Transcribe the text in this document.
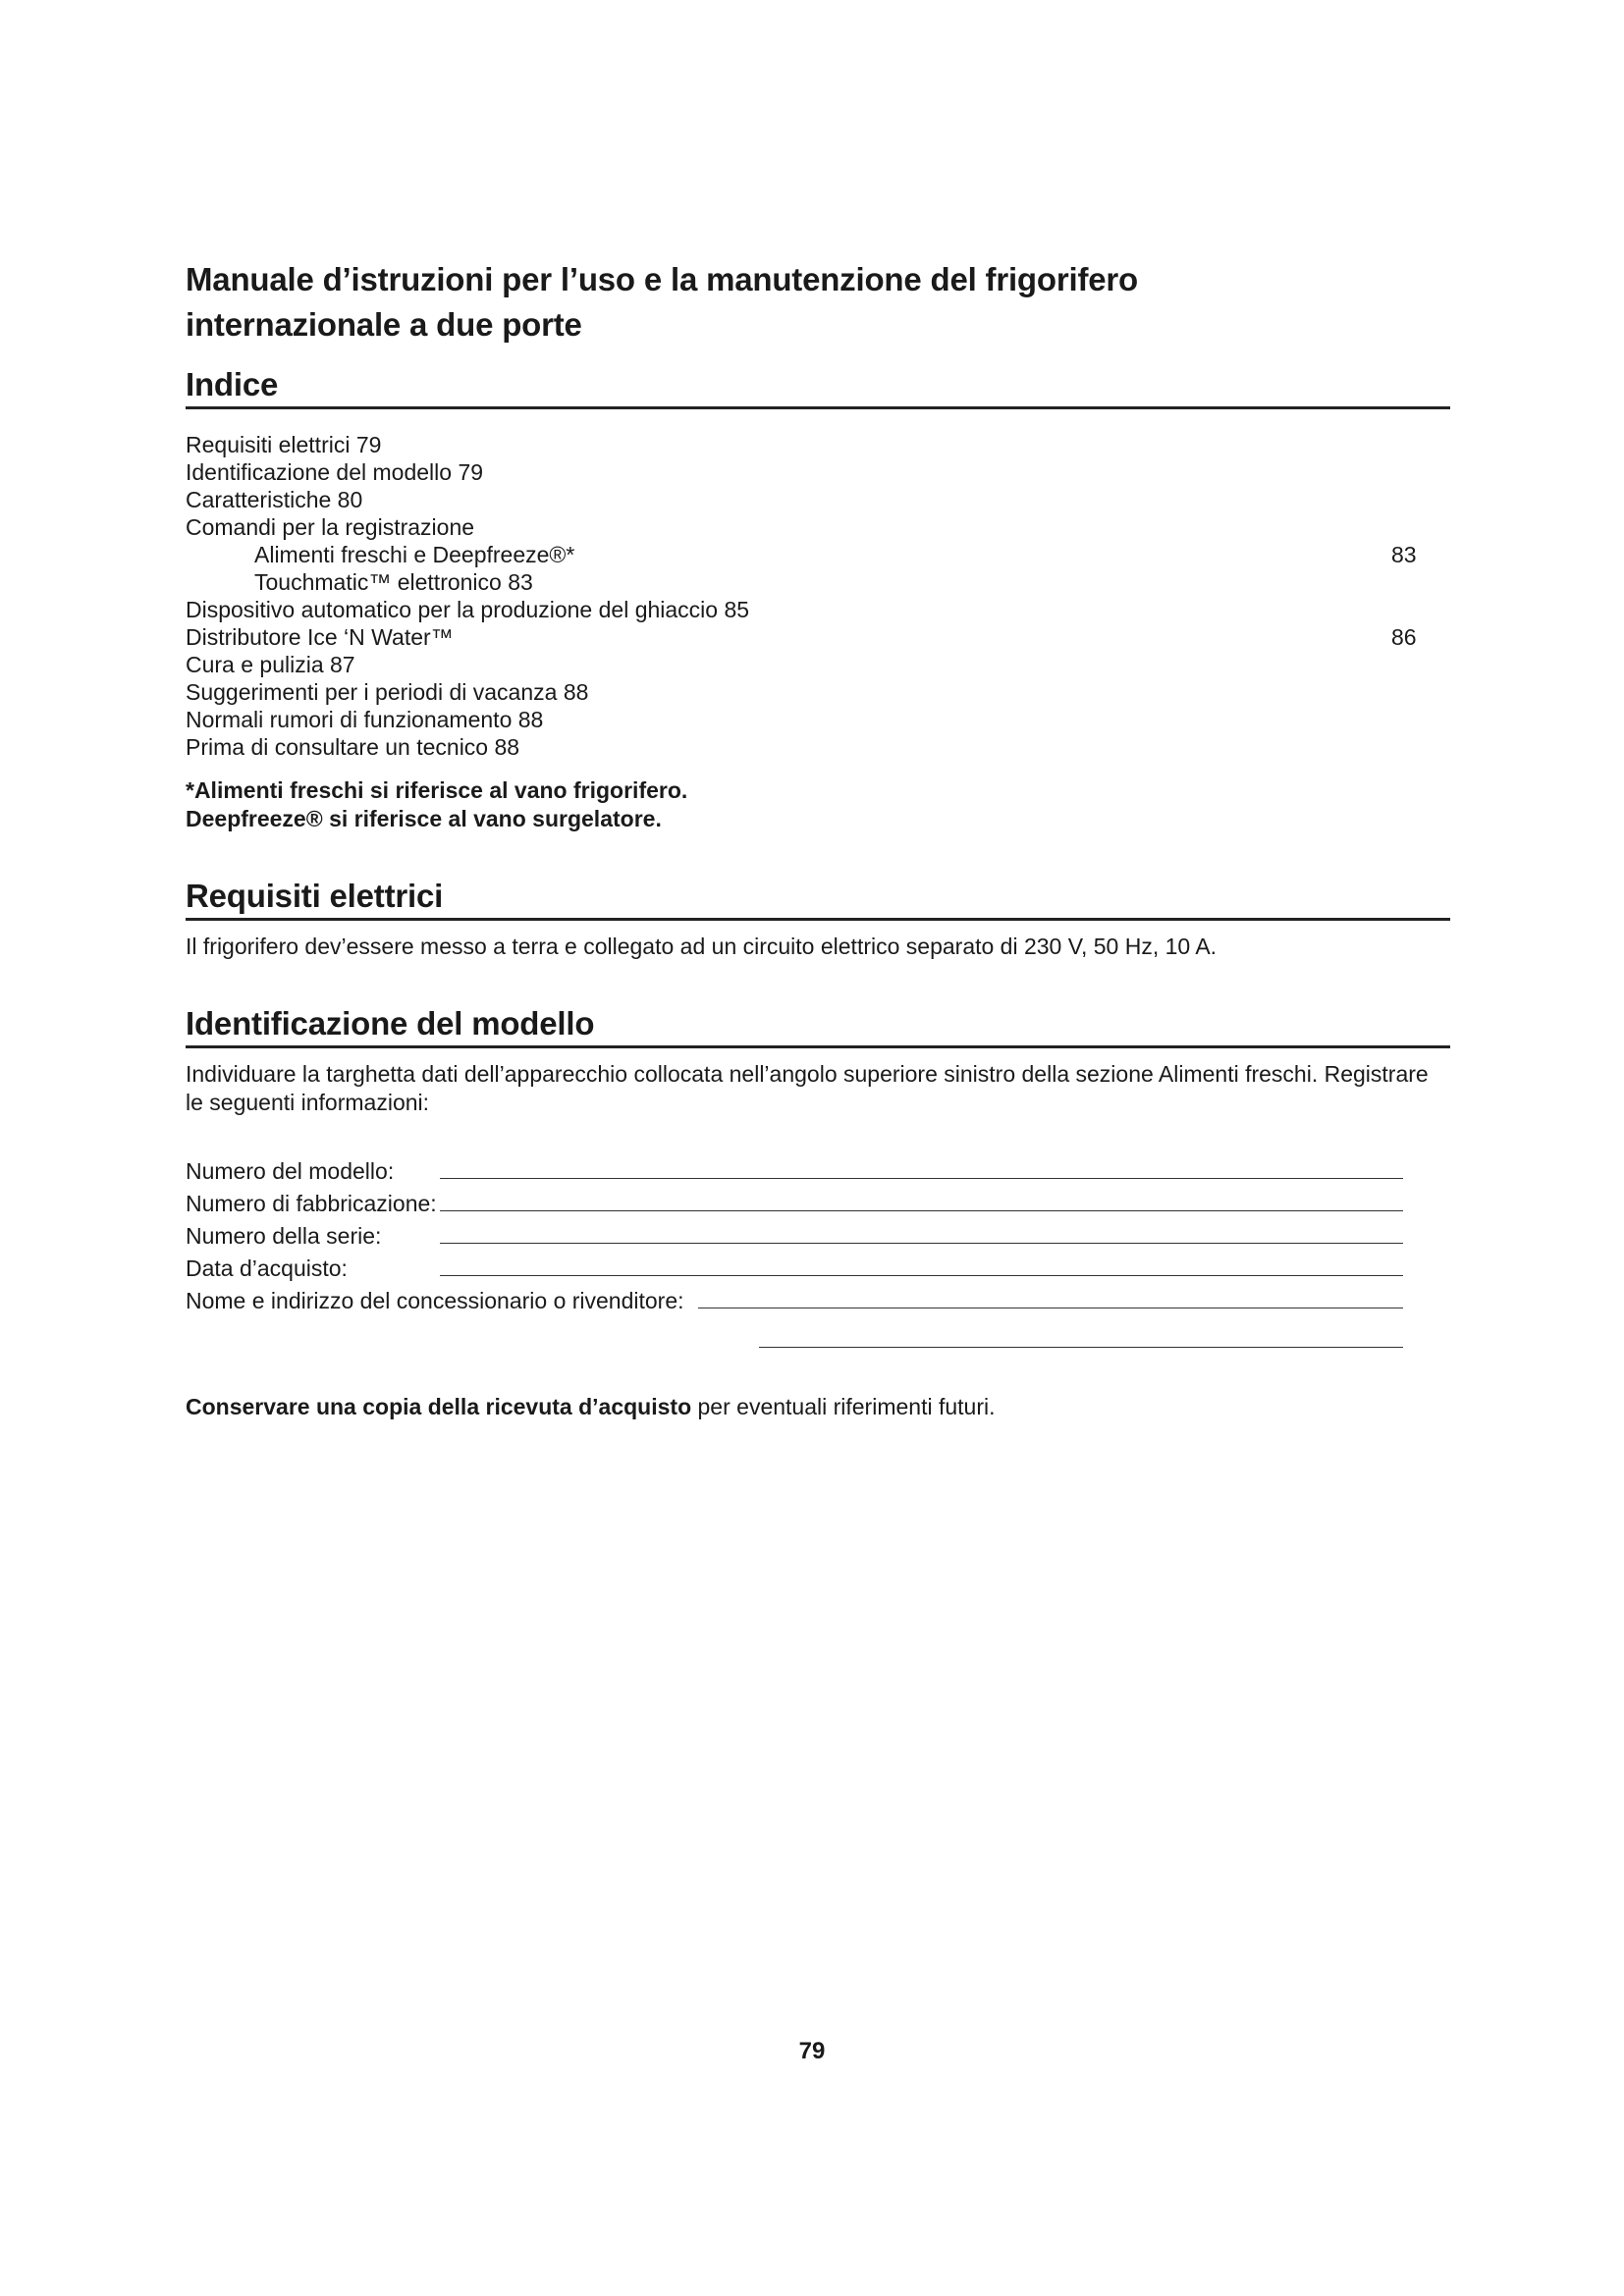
Manuale d’istruzioni per l’uso e la manutenzione del frigorifero
internazionale a due porte
Indice
Requisiti elettrici 79
Identificazione del modello 79
Caratteristiche 80
Comandi per la registrazione
Alimenti freschi e Deepfreeze®*	83
Touchmatic™ elettronico 83
Dispositivo automatico per la produzione del ghiaccio 85
Distributore Ice ‘N Water™	86
Cura e pulizia 87
Suggerimenti per i periodi di vacanza 88
Normali rumori di funzionamento 88
Prima di consultare un tecnico 88
*Alimenti freschi si riferisce al vano frigorifero.
Deepfreeze® si riferisce al vano surgelatore.
Requisiti elettrici

Il frigorifero dev’essere messo a terra e collegato ad un circuito elettrico separato di 230 V, 50 Hz, 10 A.

Identificazione del modello

Individuare la targhetta dati dell’apparecchio collocata nell’angolo superiore sinistro della sezione Alimenti freschi. Registrare le seguenti informazioni:

Numero del modello:
Numero di fabbricazione:
Numero della serie:
Data d’acquisto:
Nome e indirizzo del concessionario o rivenditore:

Conservare una copia della ricevuta d’acquisto per eventuali riferimenti futuri.

79
